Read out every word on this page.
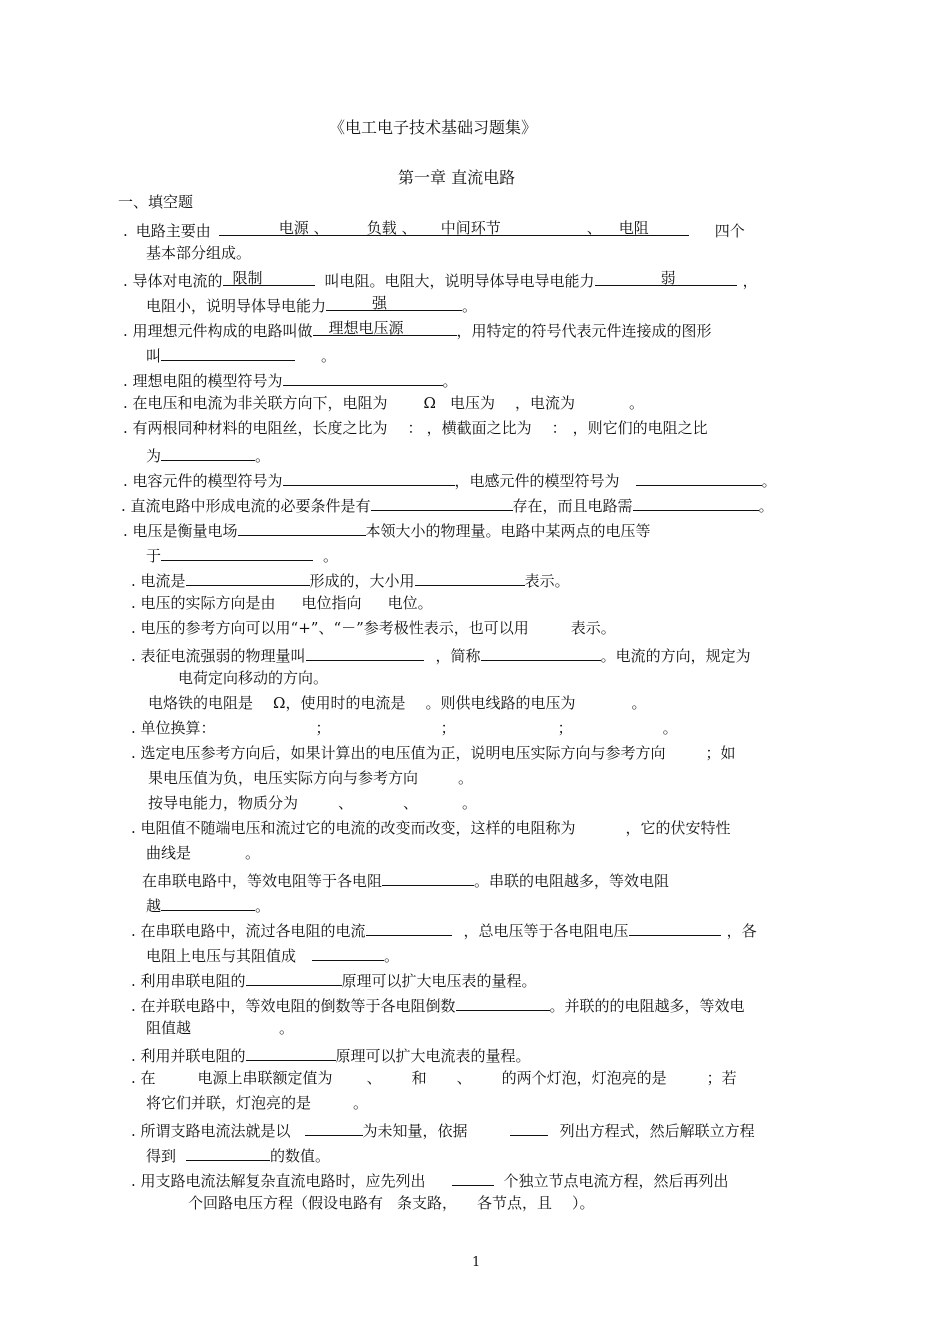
《电工电子技术基础习题集》
第一章 直流电路
一、填空题
. 电路主要由	电源 、	负载 、 中间环节	、 电阻	四个
基本部分组成。
. 导体对电流的 限制	叫电阻。电阻大，说明导体导电导电能力	弱	，
电阻小，说明导体导电能力	强	。
. 用理想元件构成的电路叫做 理想电压源	，用特定的符号代表元件连接成的图形
叫	。
. 理想电阻的模型符号为	。
. 在电压和电流为非关联方向下，电阻为 Ω 电压为 ，电流为	。
. 有两根同种材料的电阻丝，长度之比为 ： ，横截面之比为 ： ，则它们的电阻之比
为	。
. 电容元件的模型符号为	，电感元件的模型符号为	。
. 直流电路中形成电流的必要条件是有	存在，而且电路需	。
. 电压是衡量电场	本领大小的物理量。电路中某两点的电压等
于	。
. 电流是	形成的，大小用	表示。
. 电压的实际方向是由 电位指向 电位。
. 电压的参考方向可以用“+”、“－”参考极性表示，也可以用	表示。
. 表征电流强弱的物理量叫	，简称	。电流的方向，规定为
电荷定向移动的方向。
电烙铁的电阻是 Ω，使用时的电流是 。则供电线路的电压为	。
. 单位换算：	；	；	；	。
. 选定电压参考方向后，如果计算出的电压值为正，说明电压实际方向与参考方向	；如
果电压值为负，电压实际方向与参考方向	。
按导电能力，物质分为	、	、	。
. 电阻值不随端电压和流过它的电流的改变而改变，这样的电阻称为	，它的伏安特性
曲线是	。
在串联电路中，等效电阻等于各电阻	。串联的电阻越多，等效电阻
越	。
. 在串联电路中，流过各电阻的电流	，总电压等于各电阻电压	，各
电阻上电压与其阻值成	。
. 利用串联电阻的	原理可以扩大电压表的量程。
. 在并联电路中，等效电阻的倒数等于各电阻倒数	。并联的的电阻越多，等效电
阻值越	。
. 利用并联电阻的	原理可以扩大电流表的量程。
. 在	电源上串联额定值为 、 和 、 的两个灯泡，灯泡亮的是	；若
将它们并联，灯泡亮的是	。
. 所谓支路电流法就是以	为未知量，依据	列出方程式，然后解联立方程
得到	的数值。
. 用支路电流法解复杂直流电路时，应先列出	个独立节点电流方程，然后再列出
个回路电压方程（假设电路有 条支路， 各节点，且 ）。
1
